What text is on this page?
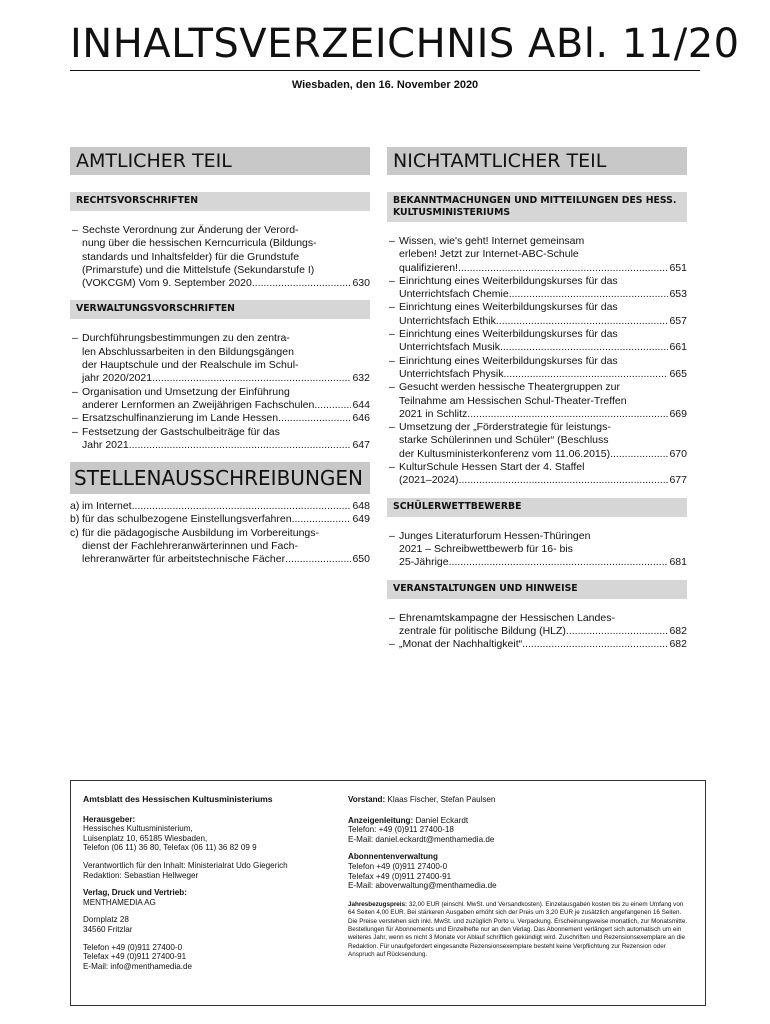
INHALTSVERZEICHNIS ABl. 11/20
Wiesbaden, den 16. November 2020
AMTLICHER TEIL
RECHTSVORSCHRIFTEN
– Sechste Verordnung zur Änderung der Verord-
nung über die hessischen Kerncurricula (Bildungs-
standards und Inhaltsfelder) für die Grundstufe
(Primarstufe) und die Mittelstufe (Sekundarstufe I)
(VOKCGM) Vom 9. September 2020 .....	630
VERWALTUNGSVORSCHRIFTEN
– Durchführungsbestimmungen zu den zentra-
len Abschlussarbeiten in den Bildungsgängen
der Hauptschule und der Realschule im Schul-
jahr 2020/2021 .....	632
– Organisation und Umsetzung der Einführung
anderer Lernformen an Zweijährigen Fachschulen .....	644
– Ersatzschulfinanzierung im Lande Hessen .....	646
– Festsetzung der Gastschulbeiträge für das
Jahr 2021 .....	647
STELLENAUSSCHREIBUNGEN
a) im Internet .....	648
b) für das schulbezogene Einstellungsverfahren .....	649
c) für die pädagogische Ausbildung im Vorbereitungs-
dienst der Fachlehreranwärterinnen und Fach-
lehreranwärter für arbeitstechnische Fächer .....	650
NICHTAMTLICHER TEIL
BEKANNTMACHUNGEN UND MITTEILUNGEN DES HESS. KULTUSMINISTERIUMS
– Wissen, wie's geht! Internet gemeinsam
erleben! Jetzt zur Internet-ABC-Schule
qualifizieren! .....	651
– Einrichtung eines Weiterbildungskurses für das
Unterrichtsfach Chemie .....	653
– Einrichtung eines Weiterbildungskurses für das
Unterrichtsfach Ethik .....	657
– Einrichtung eines Weiterbildungskurses für das
Unterrichtsfach Musik .....	661
– Einrichtung eines Weiterbildungskurses für das
Unterrichtsfach Physik .....	665
– Gesucht werden hessische Theatergruppen zur
Teilnahme am Hessischen Schul-Theater-Treffen
2021 in Schlitz .....	669
– Umsetzung der „Förderstrategie für leistungs-
starke Schülerinnen und Schüler“ (Beschluss
der Kultusministerkonferenz vom 11.06.2015) .....	670
– KulturSchule Hessen Start der 4. Staffel
(2021–2024) .....	677
SCHÜLERWETTBEWERBE
– Junges Literaturforum Hessen-Thüringen
2021 – Schreibwettbewerb für 16- bis
25-Jährige .....	681
VERANSTALTUNGEN UND HINWEISE
– Ehrenamtskampagne der Hessischen Landes-
zentrale für politische Bildung (HLZ) .....	682
– „Monat der Nachhaltigkeit“ .....	682
Amtsblatt des Hessischen Kultusministeriums
Herausgeber:
Hessisches Kultusministerium,
Luisenplatz 10, 65185 Wiesbaden,
Telefon (06 11) 36 80, Telefax (06 11) 36 82 09 9
Verantwortlich für den Inhalt: Ministerialrat Udo Giegerich
Redaktion: Sebastian Hellweger
Verlag, Druck und Vertrieb:
MENTHAMEDIA AG
Dornplatz 28
34560 Fritzlar
Telefon +49 (0)911 27400-0
Telefax +49 (0)911 27400-91
E-Mail: info@menthamedia.de
Vorstand: Klaas Fischer, Stefan Paulsen
Anzeigenleitung: Daniel Eckardt
Telefon: +49 (0)911 27400-18
E-Mail: daniel.eckardt@menthamedia.de
Abonnentenverwaltung
Telefon +49 (0)911 27400-0
Telefax +49 (0)911 27400-91
E-Mail: aboverwaltung@menthamedia.de
Jahresbezugspreis: 32,00 EUR (einschl. MwSt. und Versandkosten). Einzelausgaben kosten bis zu einem Umfang von 64 Seiten 4,00 EUR. Bei stärkeren Ausgaben erhöht sich der Preis um 3,20 EUR je zusätzlich angefangenen 16 Seiten. Die Preise verstehen sich inkl. MwSt. und zuzüglich Porto u. Verpackung. Erscheinungsweise monatlich, zur Monatsmitte. Bestellungen für Abonnements und Einzelhefte nur an den Verlag. Das Abonnement verlängert sich automatisch um ein weiteres Jahr, wenn es nicht 3 Monate vor Ablauf schriftlich gekündigt wird. Zuschriften und Rezensionsexemplare an die Redaktion. Für unaufgefordert eingesandte Rezensionsexemplare besteht keine Verpflichtung zur Rezension oder Anspruch auf Rücksendung.
